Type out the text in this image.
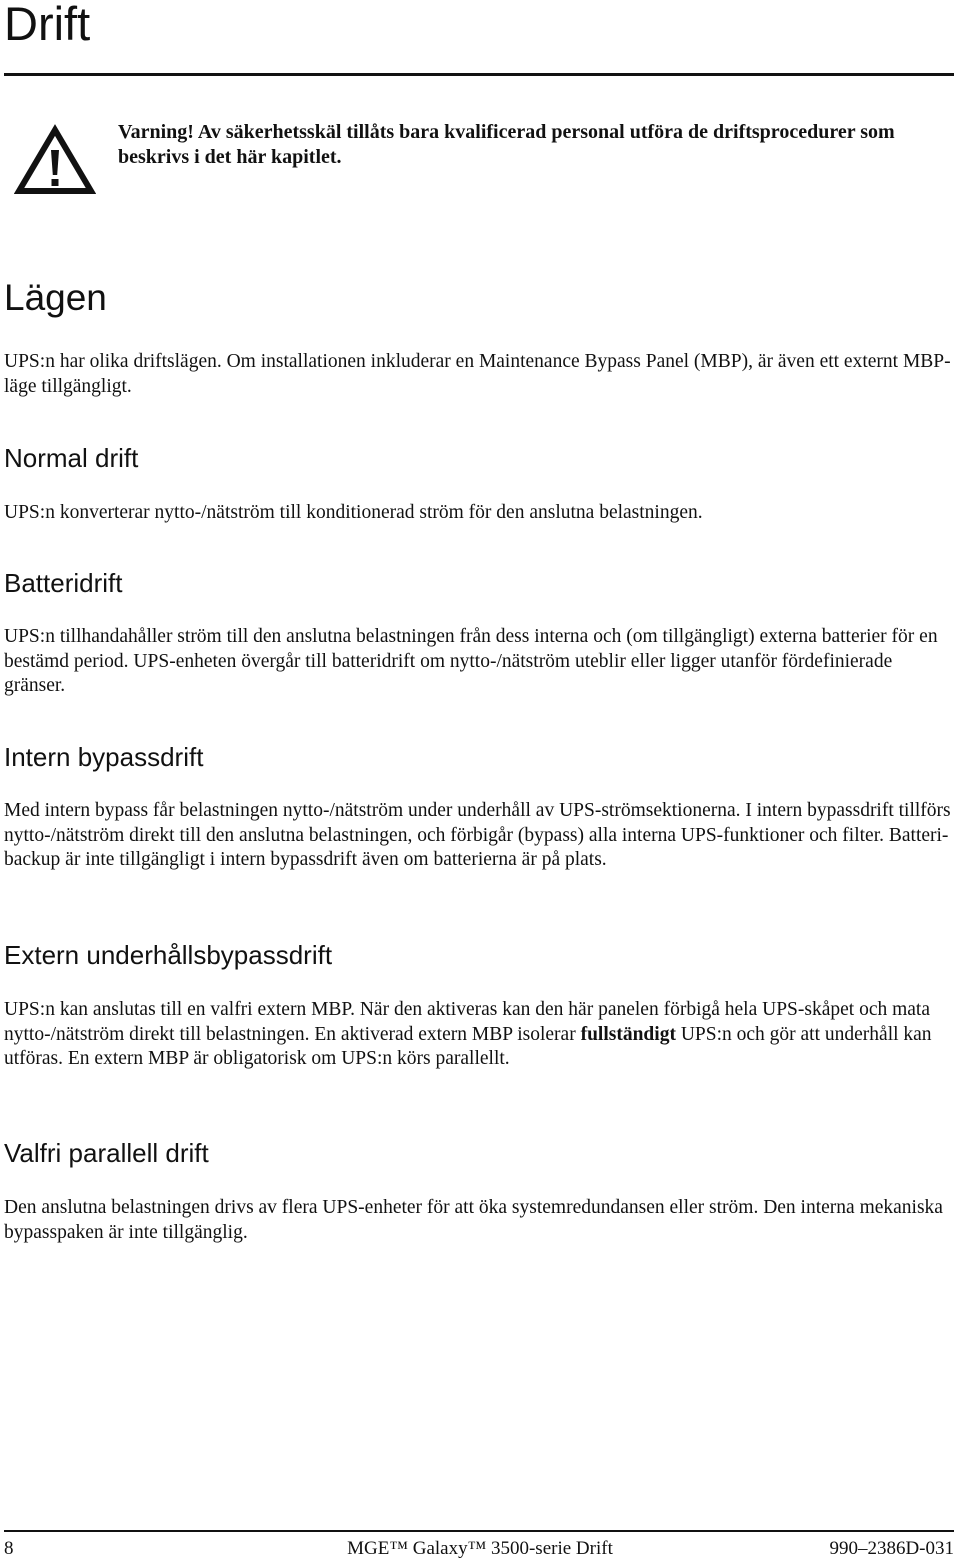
Drift
Varning! Av säkerhetsskäl tillåts bara kvalificerad personal utföra de driftsprocedurer som beskrivs i det här kapitlet.
Lägen

UPS:n har olika driftslägen. Om installationen inkluderar en Maintenance Bypass Panel (MBP), är även ett externt MBP-läge tillgängligt.

Normal drift

UPS:n konverterar nytto-/nätström till konditionerad ström för den anslutna belastningen.

Batteridrift

UPS:n tillhandahåller ström till den anslutna belastningen från dess interna och (om tillgängligt) externa batterier för en bestämd period. UPS-enheten övergår till batteridrift om nytto-/nätström uteblir eller ligger utanför fördefinierade gränser.

Intern bypassdrift

Med intern bypass får belastningen nytto-/nätström under underhåll av UPS-strömsektionerna. I intern bypassdrift tillförs nytto-/nätström direkt till den anslutna belastningen, och förbigår (bypass) alla interna UPS-funktioner och filter. Batteri-backup är inte tillgängligt i intern bypassdrift även om batterierna är på plats.

Extern underhållsbypassdrift

UPS:n kan anslutas till en valfri extern MBP. När den aktiveras kan den här panelen förbigå hela UPS-skåpet och mata nytto-/nätström direkt till belastningen. En aktiverad extern MBP isolerar fullständigt UPS:n och gör att underhåll kan utföras. En extern MBP är obligatorisk om UPS:n körs parallellt.

Valfri parallell drift

Den anslutna belastningen drivs av flera UPS-enheter för att öka systemredundansen eller ström. Den interna mekaniska bypasspaken är inte tillgänglig.

MGE™ Galaxy™ 3500-serie Drift
8	990–2386D-031
